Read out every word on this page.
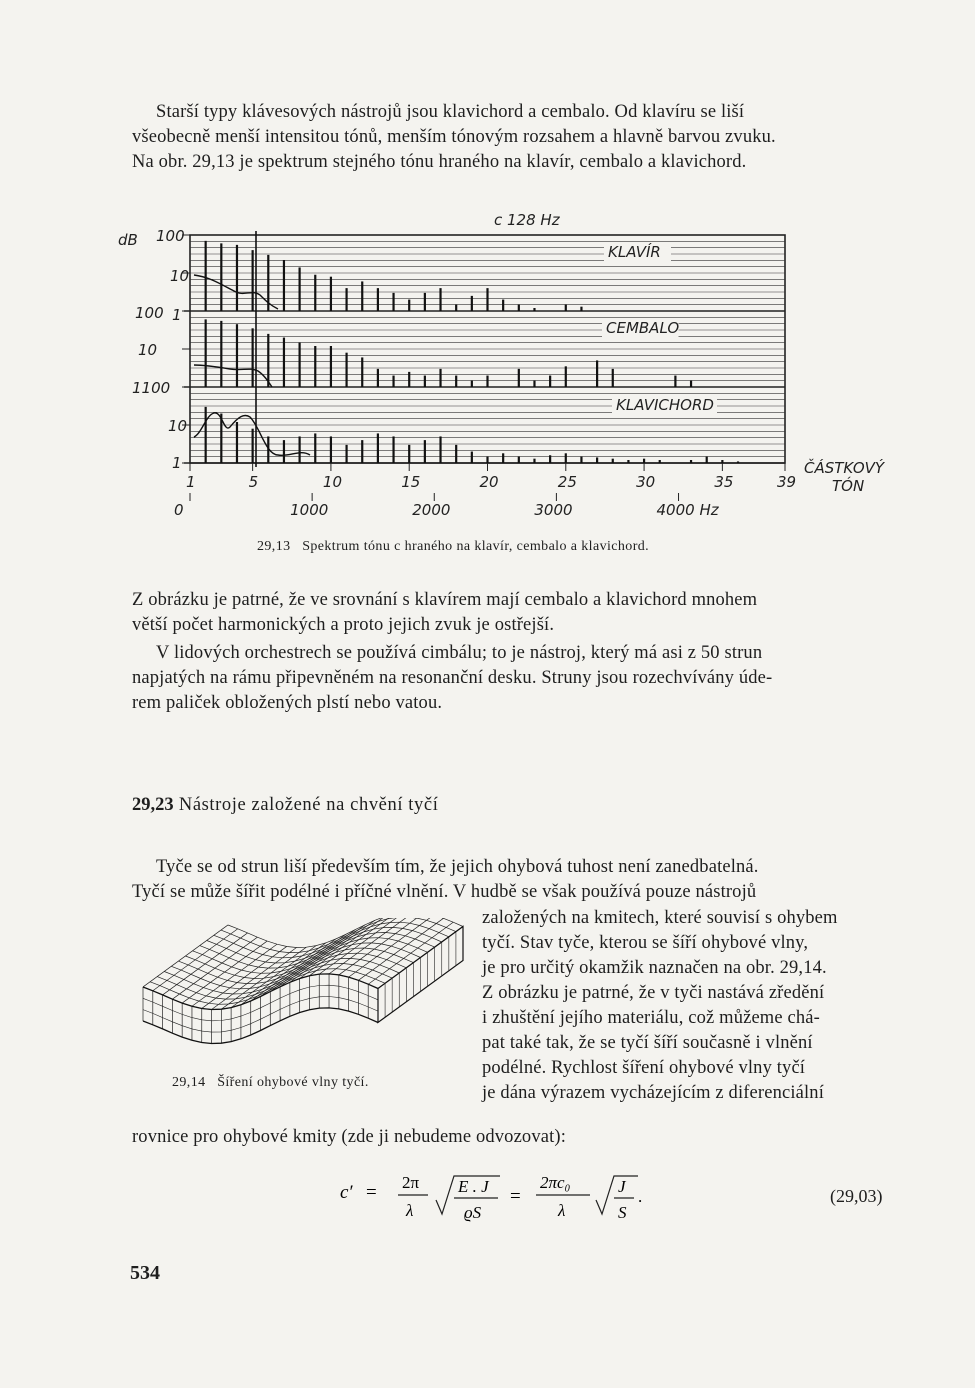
Starší typy klávesových nástrojů jsou klavichord a cembalo. Od klavíru se liší
všeobecně menší intensitou tónů, menším tónovým rozsahem a hlavně barvou zvuku.
Na obr. 29,13 je spektrum stejného tónu hraného na klavír, cembalo a klavichord.
KLAVÍR
CEMBALO
KLAVICHORD
c 128 Hz
dB 100
100
1100
10
1
10
10
1
1	5	10	15	20	25	30	35	39
ČÁSTKOVÝ
TÓN
0	1000	2000	3000	4000 Hz
29,13 Spektrum tónu c hraného na klavír, cembalo a klavichord.
Z obrázku je patrné, že ve srovnání s klavírem mají cembalo a klavichord mnohem
větší počet harmonických a proto jejich zvuk je ostřejší.
V lidových orchestrech se používá cimbálu; to je nástroj, který má asi z 50 strun
napjatých na rámu připevněném na resonanční desku. Struny jsou rozechvívány úde-
rem paliček obložených plstí nebo vatou.
29,23 Nástroje založené na chvění tyčí
Tyče se od strun liší především tím, že jejich ohybová tuhost není zanedbatelná.
Tyčí se může šířit podélné i příčné vlnění. V hudbě se však používá pouze nástrojů
založených na kmitech, které souvisí s ohybem
tyčí. Stav tyče, kterou se šíří ohybové vlny,
je pro určitý okamžik naznačen na obr. 29,14.
Z obrázku je patrné, že v tyči nastává zředění
i zhuštění jejího materiálu, což můžeme chá-
pat také tak, že se tyčí šíří současně i vlnění
podélné. Rychlost šíření ohybové vlny tyčí
je dána výrazem vycházejícím z diferenciální
rovnice pro ohybové kmity (zde ji nebudeme odvozovat):
29,14 Šíření ohybové vlny tyčí.
c′ = 2π
λ
E . J
ϱS
=
2πc₀
λ
J
S
.	(29,03)
534
